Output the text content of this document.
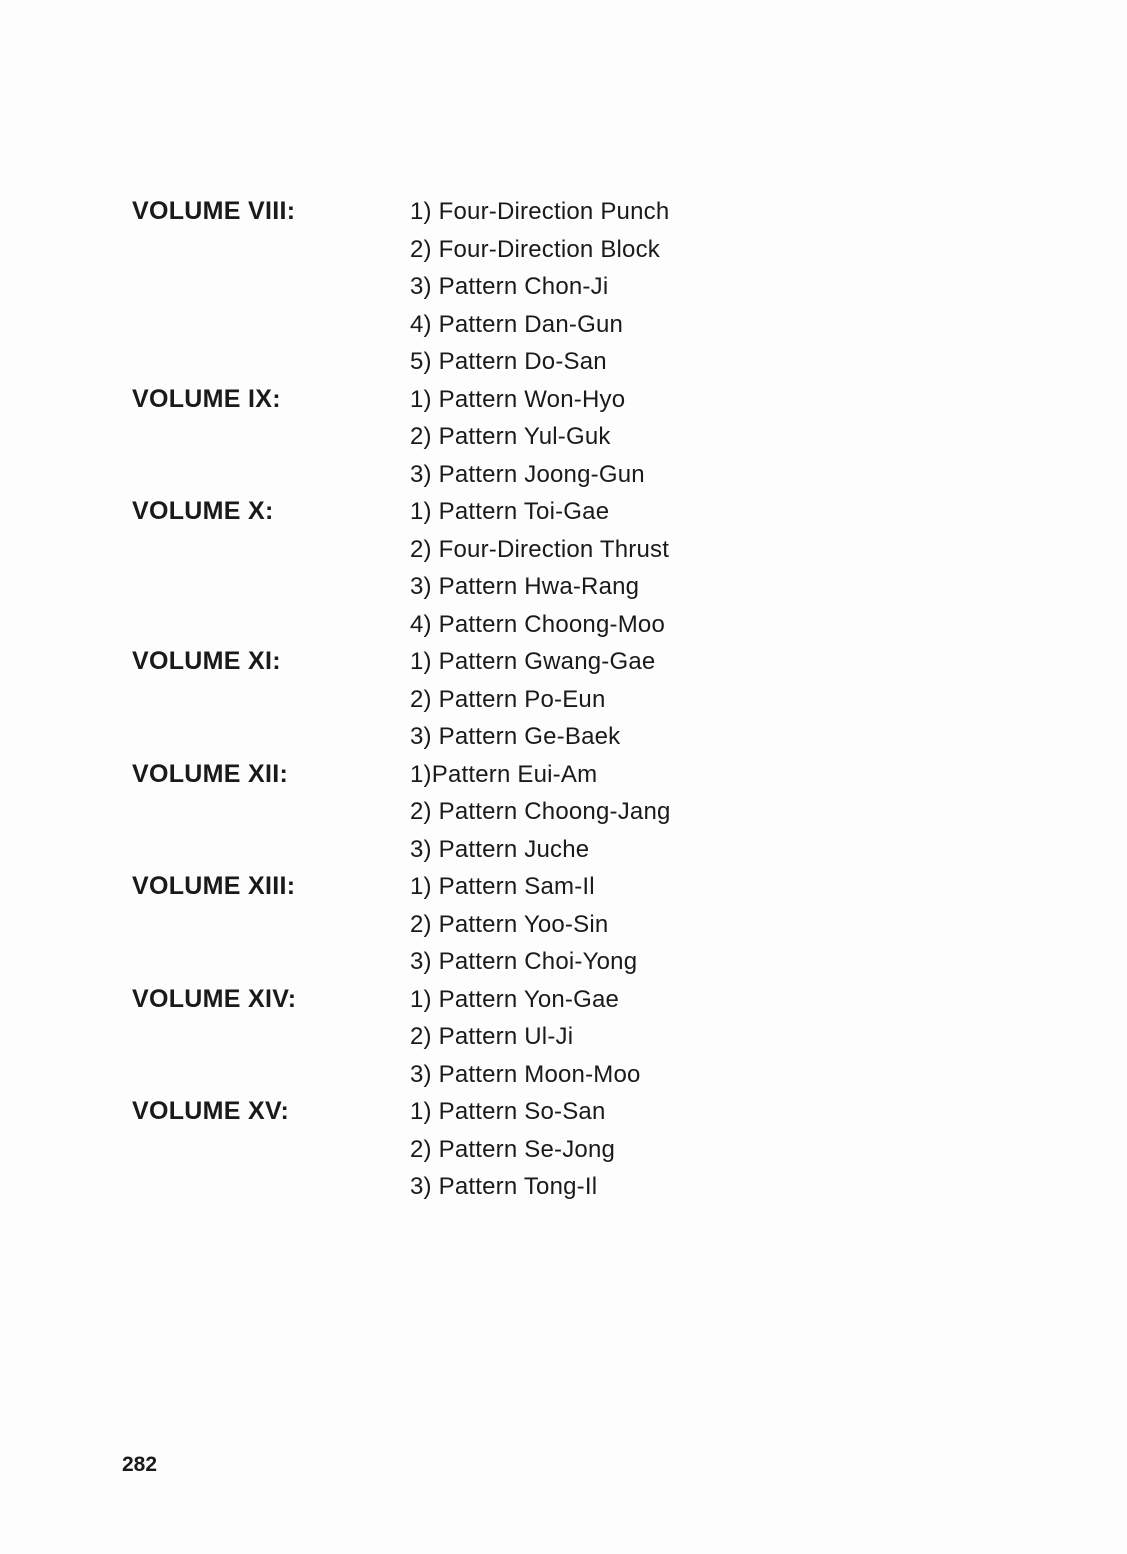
VOLUME VIII:	1) Four-Direction Punch
2) Four-Direction Block
3) Pattern Chon-Ji
4) Pattern Dan-Gun
5) Pattern Do-San
VOLUME IX:	1) Pattern Won-Hyo
2) Pattern Yul-Guk
3) Pattern Joong-Gun
VOLUME X:	1) Pattern Toi-Gae
2) Four-Direction Thrust
3) Pattern Hwa-Rang
4) Pattern Choong-Moo
VOLUME XI:	1) Pattern Gwang-Gae
2) Pattern Po-Eun
3) Pattern Ge-Baek
VOLUME XII:	1)Pattern Eui-Am
2) Pattern Choong-Jang
3) Pattern Juche
VOLUME XIII:	1) Pattern Sam-Il
2) Pattern Yoo-Sin
3) Pattern Choi-Yong
VOLUME XIV:	1) Pattern Yon-Gae
2) Pattern Ul-Ji
3) Pattern Moon-Moo
VOLUME XV:	1) Pattern So-San
2) Pattern Se-Jong
3) Pattern Tong-Il
282
